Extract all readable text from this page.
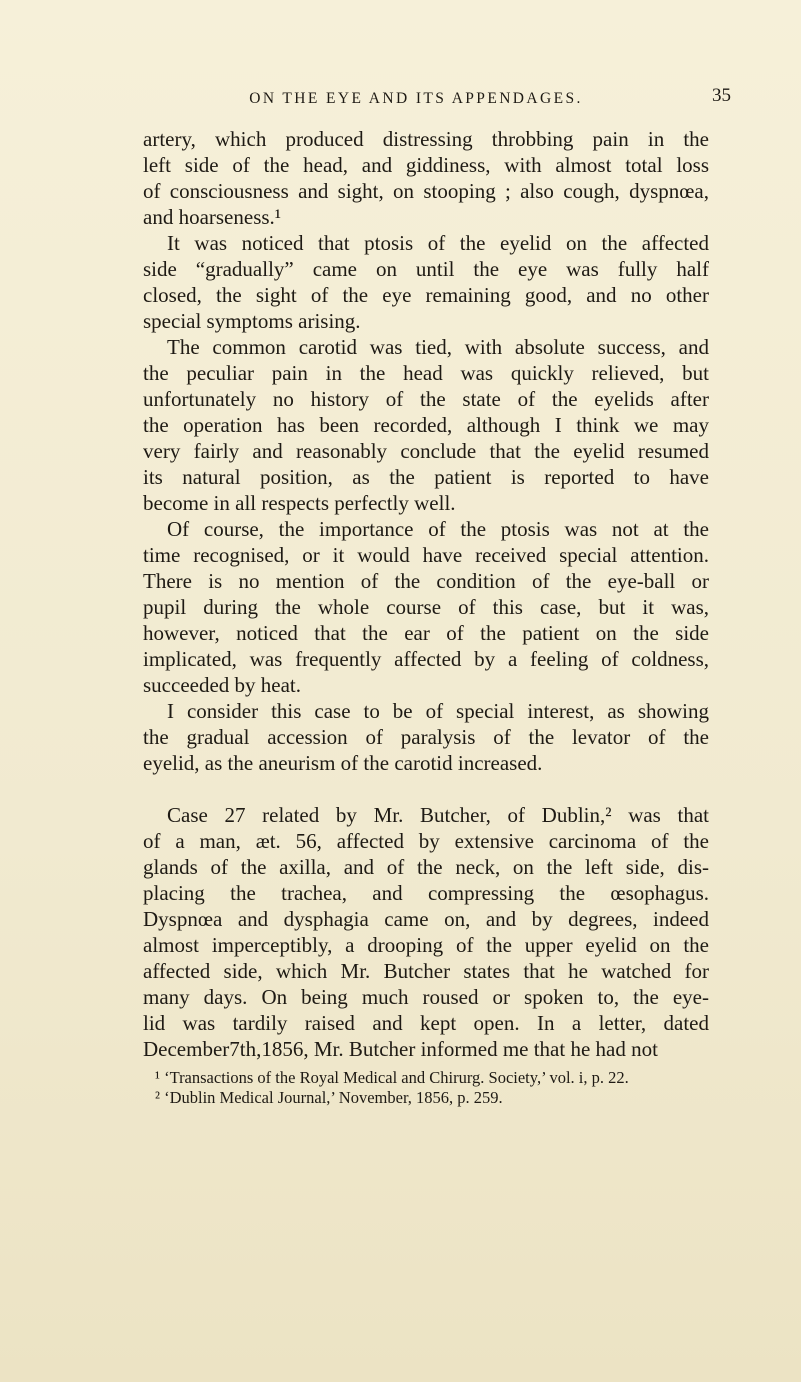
ON THE EYE AND ITS APPENDAGES.	35
artery, which produced distressing throbbing pain in the
left side of the head, and giddiness, with almost total loss
of consciousness and sight, on stooping ; also cough, dyspnœa,
and hoarseness.¹
It was noticed that ptosis of the eyelid on the affected
side “gradually” came on until the eye was fully half
closed, the sight of the eye remaining good, and no other
special symptoms arising.
The common carotid was tied, with absolute success, and
the peculiar pain in the head was quickly relieved, but
unfortunately no history of the state of the eyelids after
the operation has been recorded, although I think we may
very fairly and reasonably conclude that the eyelid resumed
its natural position, as the patient is reported to have
become in all respects perfectly well.
Of course, the importance of the ptosis was not at the
time recognised, or it would have received special attention.
There is no mention of the condition of the eye-ball or
pupil during the whole course of this case, but it was,
however, noticed that the ear of the patient on the side
implicated, was frequently affected by a feeling of coldness,
succeeded by heat.
I consider this case to be of special interest, as showing
the gradual accession of paralysis of the levator of the
eyelid, as the aneurism of the carotid increased.
Case 27 related by Mr. Butcher, of Dublin,² was that
of a man, æt. 56, affected by extensive carcinoma of the
glands of the axilla, and of the neck, on the left side, dis-
placing the trachea, and compressing the œsophagus.
Dyspnœa and dysphagia came on, and by degrees, indeed
almost imperceptibly, a drooping of the upper eyelid on the
affected side, which Mr. Butcher states that he watched for
many days. On being much roused or spoken to, the eye-
lid was tardily raised and kept open. In a letter, dated
December7th,1856, Mr. Butcher informed me that he had not
¹ ‘Transactions of the Royal Medical and Chirurg. Society,’ vol. i, p. 22.
² ‘Dublin Medical Journal,’ November, 1856, p. 259.
